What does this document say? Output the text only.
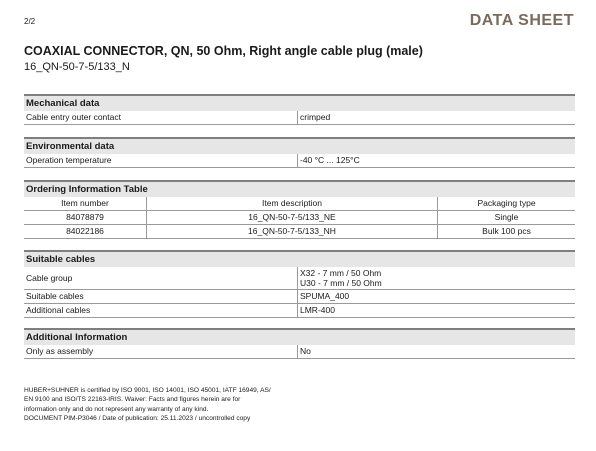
2/2	DATA SHEET
COAXIAL CONNECTOR, QN, 50 Ohm, Right angle cable plug (male)
16_QN-50-7-5/133_N
Mechanical data
Cable entry outer contact	crimped
Environmental data
Operation temperature	-40 °C ... 125°C
Ordering Information Table
Item number	Item description	Packaging type
84078879	16_QN-50-7-5/133_NE	Single
84022186	16_QN-50-7-5/133_NH	Bulk 100 pcs
Suitable cables
Cable group	X32 - 7 mm / 50 Ohm
U30 - 7 mm / 50 Ohm
Suitable cables	SPUMA_400
Additional cables	LMR-400
Additional Information
Only as assembly	No
HUBER+SUHNER is certified by ISO 9001, ISO 14001, ISO 45001, IATF 16949, AS/
EN 9100 and ISO/TS 22163-IRIS. Waiver: Facts and figures herein are for
information only and do not represent any warranty of any kind.
DOCUMENT PIM-P3046 / Date of publication: 25.11.2023 / uncontrolled copy
